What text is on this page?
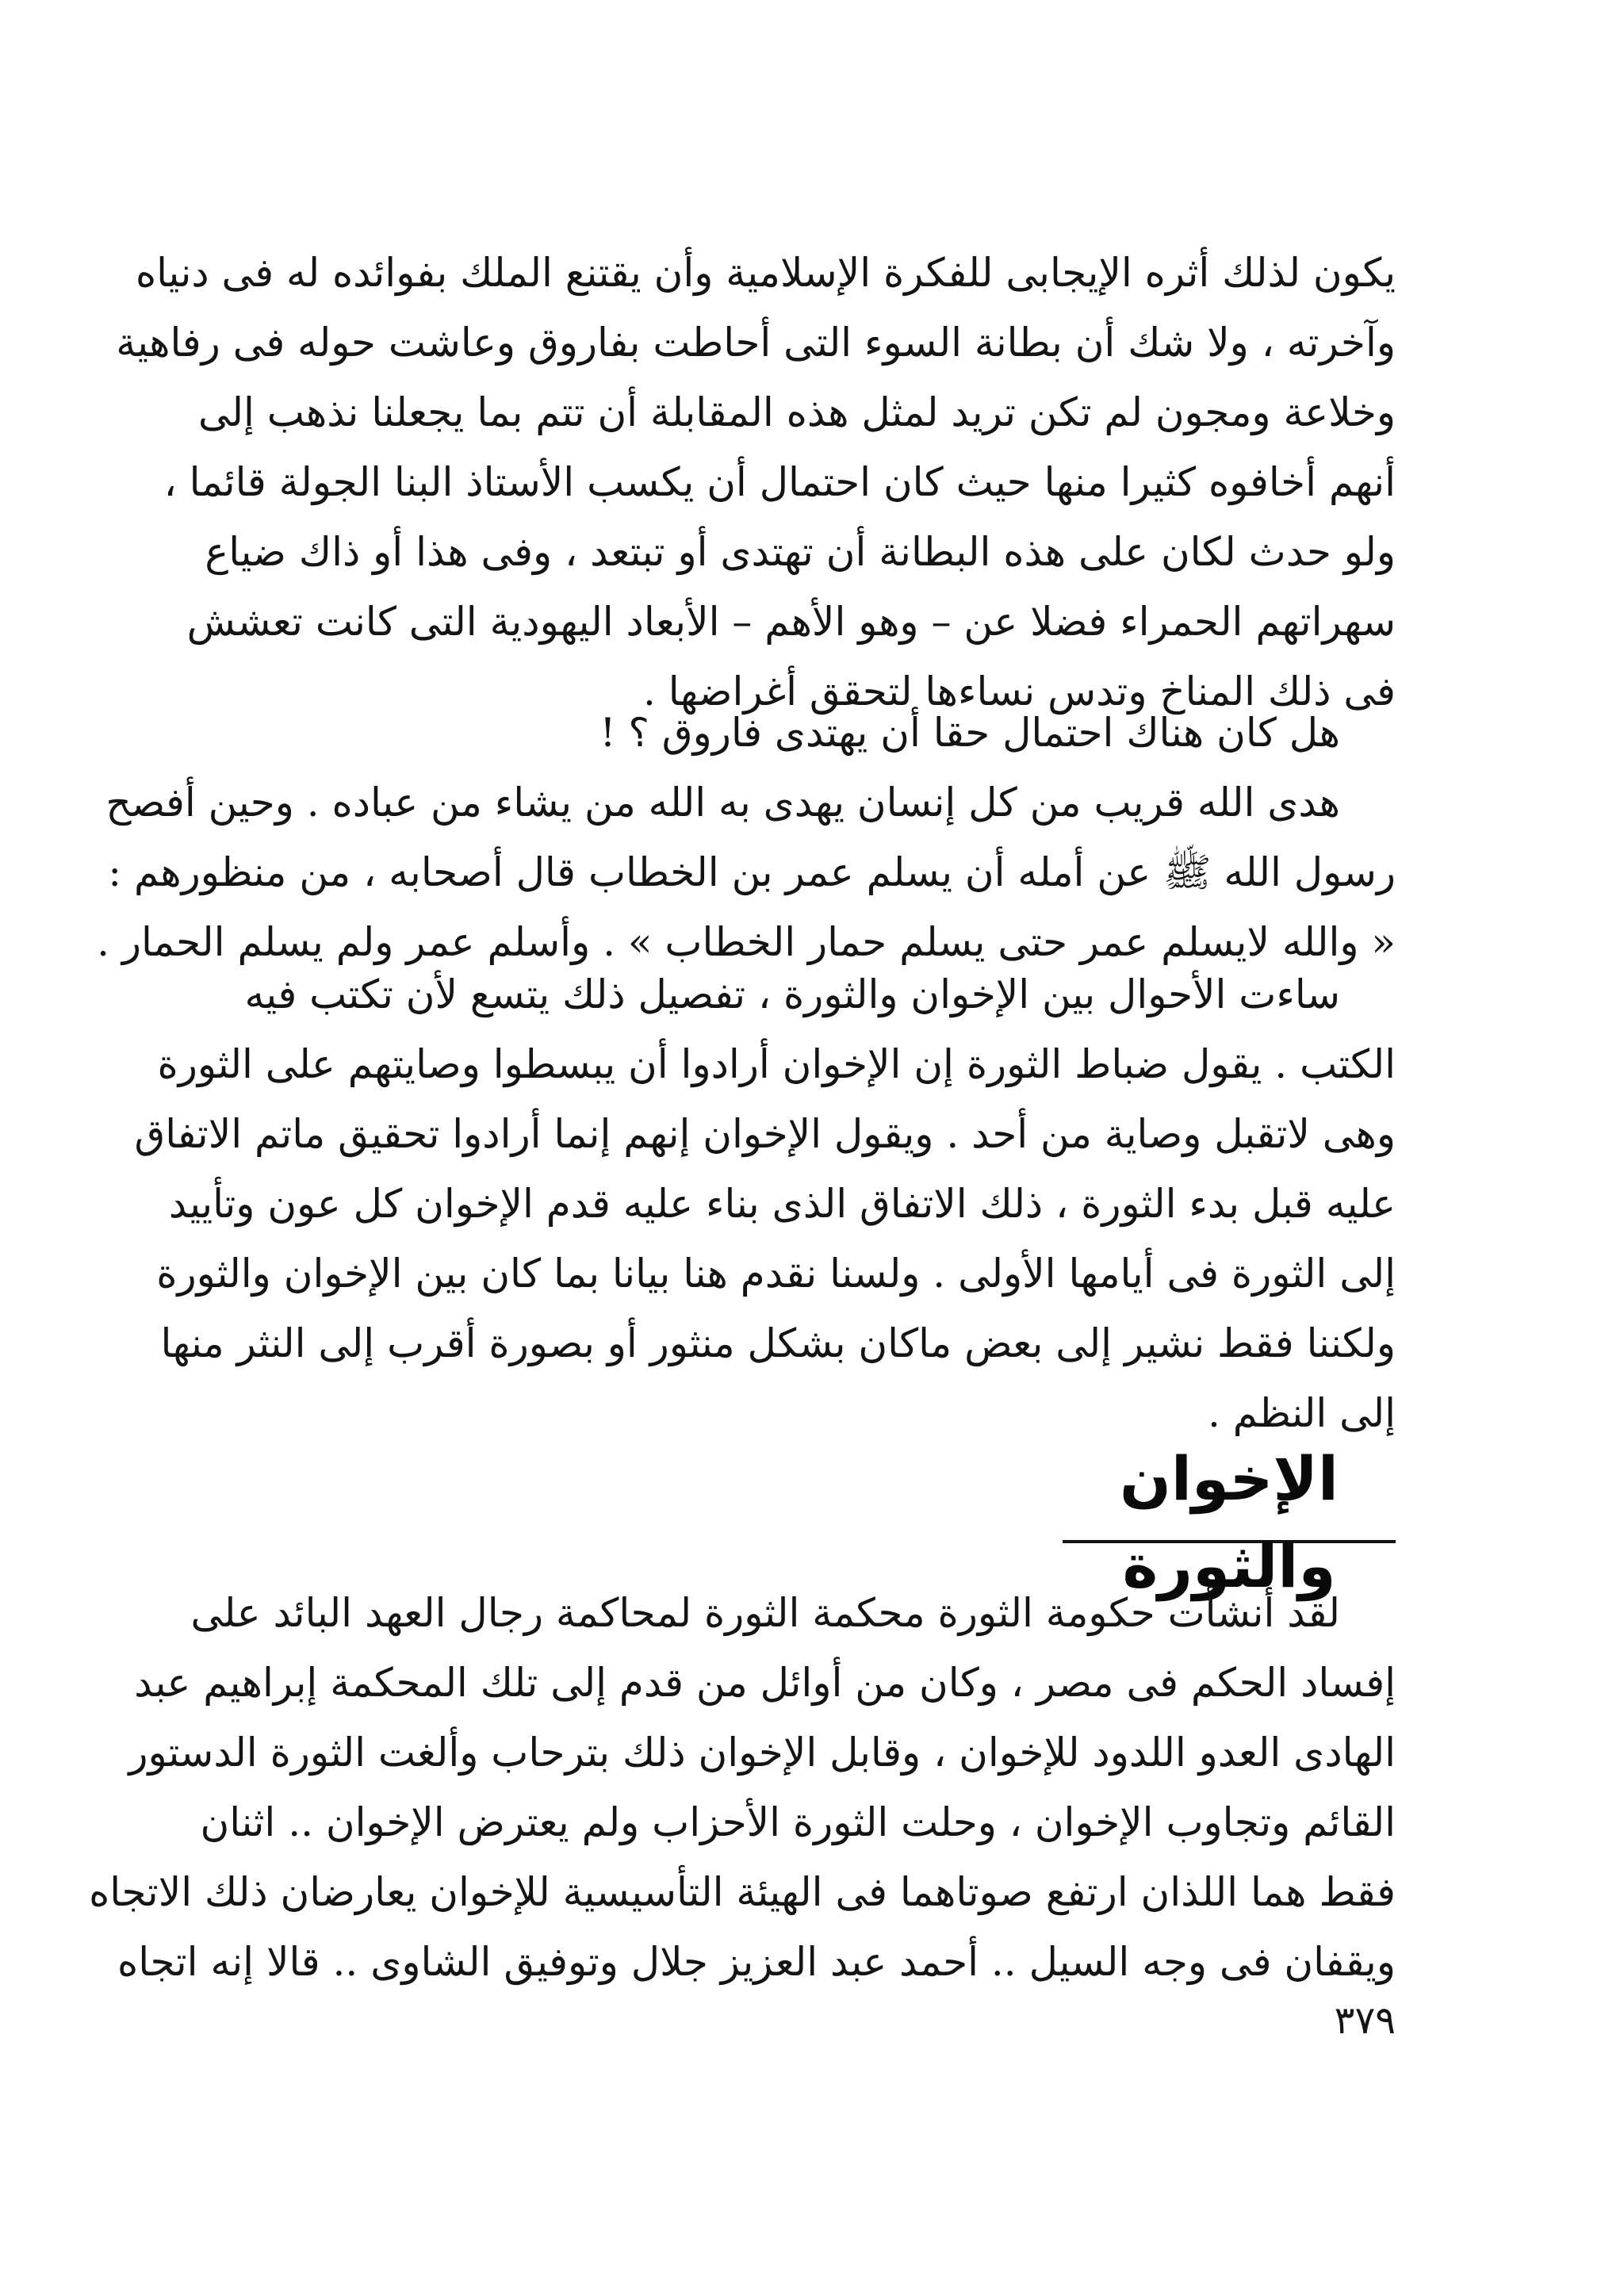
يكون لذلك أثره الإيجابى للفكرة الإسلامية وأن يقتنع الملك بفوائده له فى دنياه
وآخرته ، ولا شك أن بطانة السوء التى أحاطت بفاروق وعاشت حوله فى رفاهية
وخلاعة ومجون لم تكن تريد لمثل هذه المقابلة أن تتم بما يجعلنا نذهب إلى
أنهم أخافوه كثيرا منها حيث كان احتمال أن يكسب الأستاذ البنا الجولة قائما ،
ولو حدث لكان على هذه البطانة أن تهتدى أو تبتعد ، وفى هذا أو ذاك ضياع
سهراتهم الحمراء فضلا عن – وهو الأهم – الأبعاد اليهودية التى كانت تعشش
فى ذلك المناخ وتدس نساءها لتحقق أغراضها .
هل كان هناك احتمال حقا أن يهتدى فاروق ؟ !
هدى الله قريب من كل إنسان يهدى به الله من يشاء من عباده . وحين أفصح
رسول الله ﷺ عن أمله أن يسلم عمر بن الخطاب قال أصحابه ، من منظورهم :
« والله لايسلم عمر حتى يسلم حمار الخطاب » . وأسلم عمر ولم يسلم الحمار .
ساءت الأحوال بين الإخوان والثورة ، تفصيل ذلك يتسع لأن تكتب فيه
الكتب . يقول ضباط الثورة إن الإخوان أرادوا أن يبسطوا وصايتهم على الثورة
وهى لاتقبل وصاية من أحد . ويقول الإخوان إنهم إنما أرادوا تحقيق ماتم الاتفاق
عليه قبل بدء الثورة ، ذلك الاتفاق الذى بناء عليه قدم الإخوان كل عون وتأييد
إلى الثورة فى أيامها الأولى . ولسنا نقدم هنا بيانا بما كان بين الإخوان والثورة
ولكننا فقط نشير إلى بعض ماكان بشكل منثور أو بصورة أقرب إلى النثر منها
إلى النظم .
الإخوان والثورة
لقد أنشأت حكومة الثورة محكمة الثورة لمحاكمة رجال العهد البائد على
إفساد الحكم فى مصر ، وكان من أوائل من قدم إلى تلك المحكمة إبراهيم عبد
الهادى العدو اللدود للإخوان ، وقابل الإخوان ذلك بترحاب وألغت الثورة الدستور
القائم وتجاوب الإخوان ، وحلت الثورة الأحزاب ولم يعترض الإخوان .. اثنان
فقط هما اللذان ارتفع صوتاهما فى الهيئة التأسيسية للإخوان يعارضان ذلك الاتجاه
ويقفان فى وجه السيل .. أحمد عبد العزيز جلال وتوفيق الشاوى .. قالا إنه اتجاه
٣٧٩
